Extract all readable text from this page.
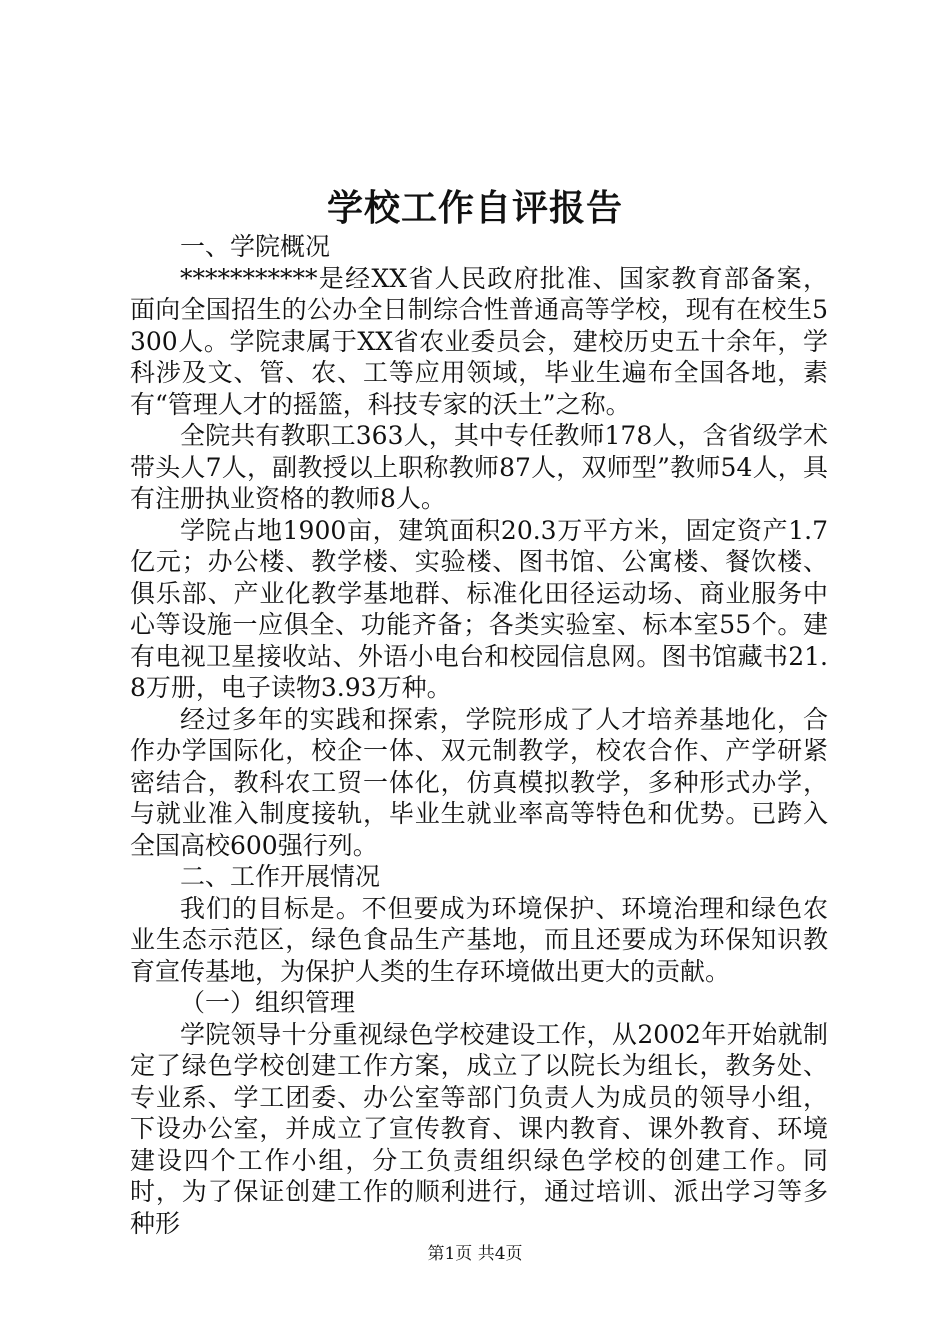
学校工作自评报告

一、学院概况

***********是经XX省人民政府批准、国家教育部备案，面向全国招生的公办全日制综合性普通高等学校，现有在校生5300人。学院隶属于XX省农业委员会，建校历史五十余年，学科涉及文、管、农、工等应用领域，毕业生遍布全国各地，素有“管理人才的摇篮，科技专家的沃土”之称。

全院共有教职工363人，其中专任教师178人，含省级学术带头人7人，副教授以上职称教师87人，双师型”教师54人，具有注册执业资格的教师8人。

学院占地1900亩，建筑面积20.3万平方米，固定资产1.7亿元；办公楼、教学楼、实验楼、图书馆、公寓楼、餐饮楼、俱乐部、产业化教学基地群、标准化田径运动场、商业服务中心等设施一应俱全、功能齐备；各类实验室、标本室55个。建有电视卫星接收站、外语小电台和校园信息网。图书馆藏书21.8万册，电子读物3.93万种。

经过多年的实践和探索，学院形成了人才培养基地化，合作办学国际化，校企一体、双元制教学，校农合作、产学研紧密结合，教科农工贸一体化，仿真模拟教学，多种形式办学，与就业准入制度接轨，毕业生就业率高等特色和优势。已跨入全国高校600强行列。

二、工作开展情况

我们的目标是。不但要成为环境保护、环境治理和绿色农业生态示范区，绿色食品生产基地，而且还要成为环保知识教育宣传基地，为保护人类的生存环境做出更大的贡献。

（一）组织管理

学院领导十分重视绿色学校建设工作，从2002年开始就制定了绿色学校创建工作方案，成立了以院长为组长，教务处、专业系、学工团委、办公室等部门负责人为成员的领导小组，下设办公室，并成立了宣传教育、课内教育、课外教育、环境建设四个工作小组，分工负责组织绿色学校的创建工作。同时，为了保证创建工作的顺利进行，通过培训、派出学习等多种形

第1页 共4页
